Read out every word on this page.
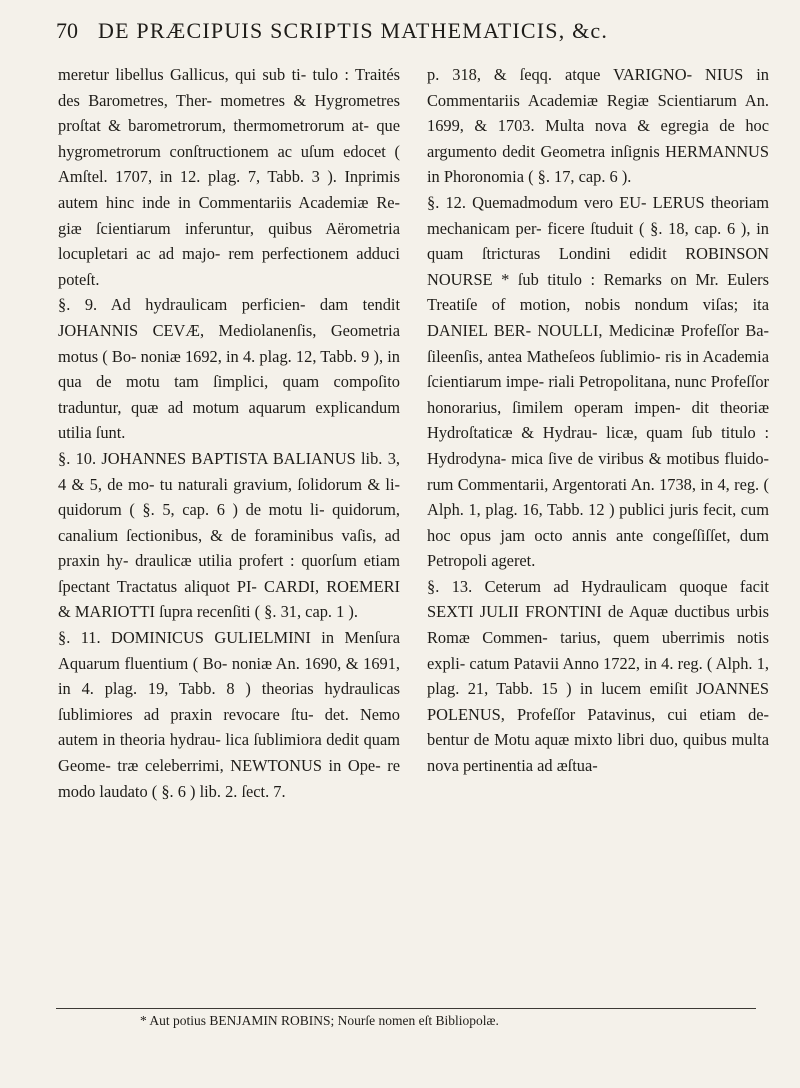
70 DE PRÆCIPUIS SCRIPTIS MATHEMATICIS, &c.

meretur libellus Gallicus, qui sub ti- tulo : Traités des Barometres, Ther- mometres & Hygrometres proſtat & barometrorum, thermometrorum at- que hygrometrorum conſtructionem ac uſum edocet ( Amſtel. 1707, in 12. plag. 7, Tabb. 3 ). Inprimis autem hinc inde in Commentariis Academiæ Re- giæ ſcientiarum inferuntur, quibus Aërometria locupletari ac ad majo- rem perfectionem adduci poteſt.

§. 9. Ad hydraulicam perficien- dam tendit JOHANNIS CEVÆ, Mediolanenſis, Geometria motus ( Bo- noniæ 1692, in 4. plag. 12, Tabb. 9 ), in qua de motu tam ſimplici, quam compoſito traduntur, quæ ad motum aquarum explicandum utilia ſunt.

§. 10. JOHANNES BAPTISTA BALIANUS lib. 3, 4 & 5, de mo- tu naturali gravium, ſolidorum & li- quidorum ( §. 5, cap. 6 ) de motu li- quidorum, canalium ſectionibus, & de foraminibus vaſis, ad praxin hy- draulicæ utilia profert : quorſum etiam ſpectant Tractatus aliquot PI- CARDI, ROEMERI & MARIOTTI ſupra recenſiti ( §. 31, cap. 1 ).

§. 11. DOMINICUS GULIELMINI in Menſura Aquarum fluentium ( Bo- noniæ An. 1690, & 1691, in 4. plag. 19, Tabb. 8 ) theorias hydraulicas ſublimiores ad praxin revocare ſtu- det. Nemo autem in theoria hydrau- lica ſublimiora dedit quam Geome- træ celeberrimi, NEWTONUS in Ope- re modo laudato ( §. 6 ) lib. 2. ſect. 7.

p. 318, & ſeqq. atque VARIGNO- NIUS in Commentariis Academiæ Regiæ Scientiarum An. 1699, & 1703. Multa nova & egregia de hoc argumento dedit Geometra inſignis HERMANNUS in Phoronomia ( §. 17, cap. 6 ).

§. 12. Quemadmodum vero EU- LERUS theoriam mechanicam per- ficere ſtuduit ( §. 18, cap. 6 ), in quam ſtricturas Londini edidit ROBINSON NOURSE * ſub titulo : Remarks on Mr. Eulers Treatiſe of motion, nobis nondum viſas; ita DANIEL BER- NOULLI, Medicinæ Profeſſor Ba- ſileenſis, antea Matheſeos ſublimio- ris in Academia ſcientiarum impe- riali Petropolitana, nunc Profeſſor honorarius, ſimilem operam impen- dit theoriæ Hydroſtaticæ & Hydrau- licæ, quam ſub titulo : Hydrodyna- mica ſive de viribus & motibus fluido- rum Commentarii, Argentorati An. 1738, in 4, reg. ( Alph. 1, plag. 16, Tabb. 12 ) publici juris fecit, cum hoc opus jam octo annis ante congeſſiſſet, dum Petropoli ageret.

§. 13. Ceterum ad Hydraulicam quoque facit SEXTI JULII FRONTINI de Aquæ ductibus urbis Romæ Commen- tarius, quem uberrimis notis expli- catum Patavii Anno 1722, in 4. reg. ( Alph. 1, plag. 21, Tabb. 15 ) in lucem emiſit JOANNES POLENUS, Profeſſor Patavinus, cui etiam de- bentur de Motu aquæ mixto libri duo, quibus multa nova pertinentia ad æſtua-

* Aut potius BENJAMIN ROBINS; Nourſe nomen eſt Bibliopolæ.
